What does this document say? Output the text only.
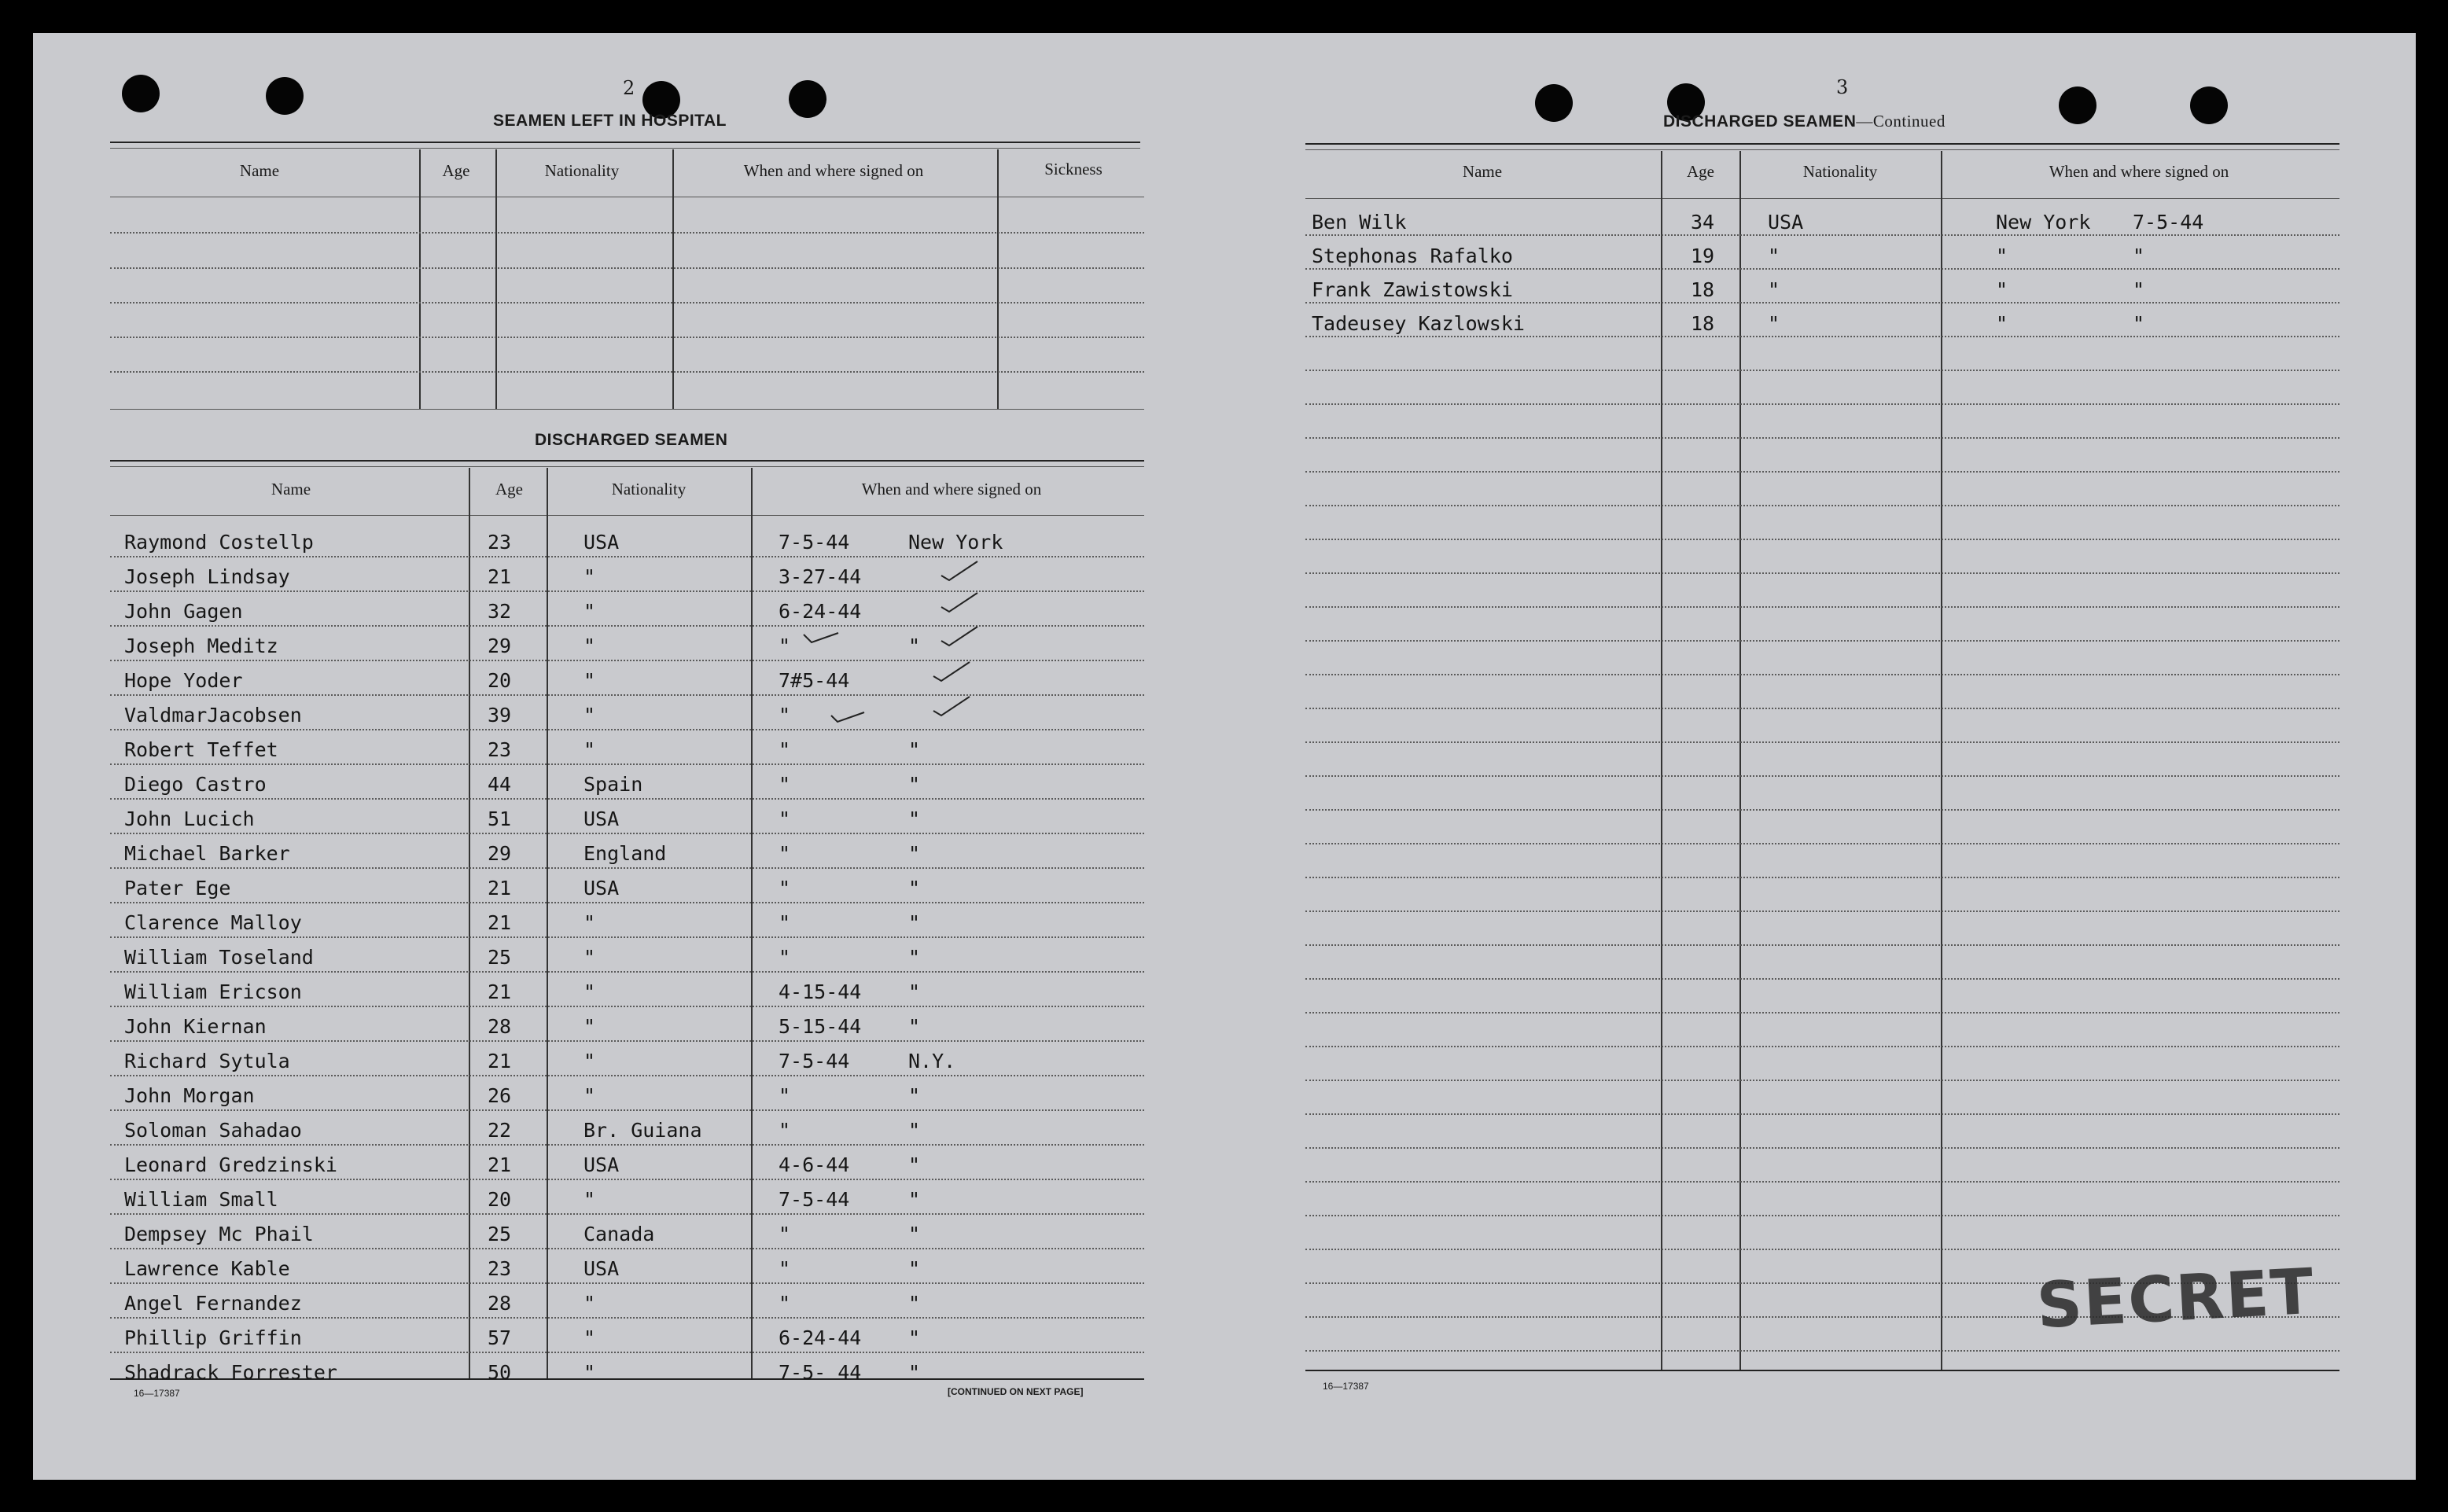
2
SEAMEN LEFT IN HOSPITAL
Name	Age	Nationality	When and where signed on	Sickness
DISCHARGED SEAMEN
Name	Age	Nationality	When and where signed on
Raymond Costellp	23	USA	7-5-44	New York
Joseph Lindsay	21	"	3-27-44
John Gagen	32	"	6-24-44
Joseph Meditz	29	"	"	"
Hope Yoder	20	"	7#5-44
ValdmarJacobsen	39	"	"
Robert Teffet	23	"	"	"
Diego Castro	44	Spain	"	"
John Lucich	51	USA	"	"
Michael Barker	29	England	"	"
Pater Ege	21	USA	"	"
Clarence Malloy	21	"	"	"
William Toseland	25	"	"	"
William Ericson	21	"	4-15-44 "
John Kiernan	28	"	5-15-44 "
Richard Sytula	21	"	7-5-44	N.Y.
John Morgan	26	"	"	"
Soloman Sahadao	22	Br. Guiana	"	"
Leonard Gredzinski	21	USA	4-6-44	"
William Small	20	"	7-5-44	"
Dempsey Mc Phail	25	Canada	"	"
Lawrence Kable	23	USA	"	"
Angel Fernandez	28	"	"	"
Phillip Griffin	57	"	6-24-44 "
Shadrack Forrester	50	"	7-5- 44 "
16—17387	[CONTINUED ON NEXT PAGE]
3
DISCHARGED SEAMEN—Continued
Name	Age	Nationality	When and where signed on
Ben Wilk	34	USA	New York 7-5-44
Stephonas Rafalko	19	"	"	"
Frank Zawistowski	18	"	"	"
Tadeusey Kazlowski	18	"	"	"
16—17387
SECRET
